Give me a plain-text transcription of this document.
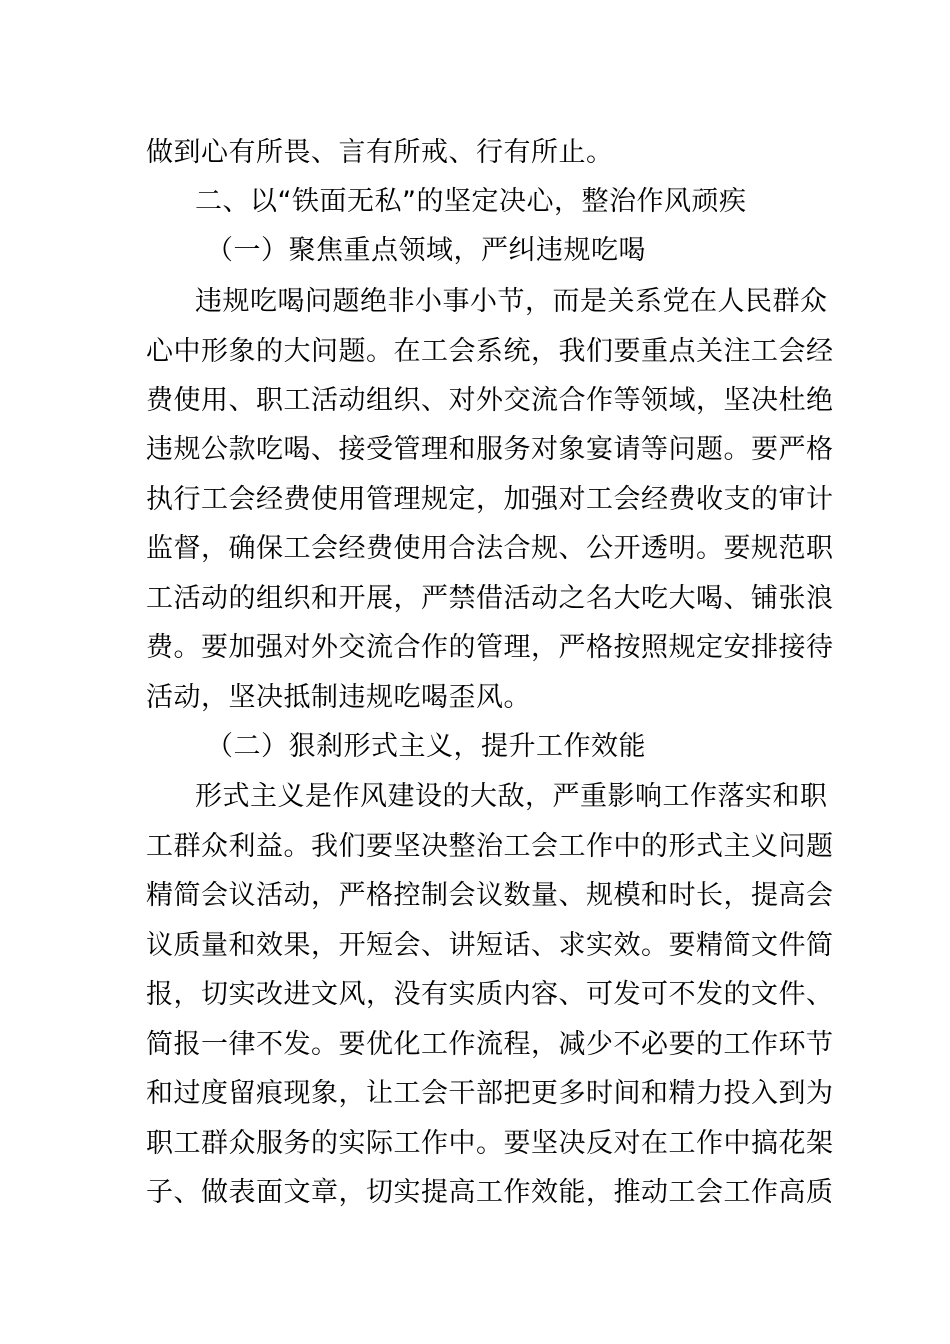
做到心有所畏、言有所戒、行有所止。
二、以“铁面无私”的坚定决心，整治作风顽疾
（一）聚焦重点领域，严纠违规吃喝
违规吃喝问题绝非小事小节，而是关系党在人民群众
心中形象的大问题。在工会系统，我们要重点关注工会经
费使用、职工活动组织、对外交流合作等领域，坚决杜绝
违规公款吃喝、接受管理和服务对象宴请等问题。要严格
执行工会经费使用管理规定，加强对工会经费收支的审计
监督，确保工会经费使用合法合规、公开透明。要规范职
工活动的组织和开展，严禁借活动之名大吃大喝、铺张浪
费。要加强对外交流合作的管理，严格按照规定安排接待
活动，坚决抵制违规吃喝歪风。
（二）狠刹形式主义，提升工作效能
形式主义是作风建设的大敌，严重影响工作落实和职
工群众利益。我们要坚决整治工会工作中的形式主义问题
精简会议活动，严格控制会议数量、规模和时长，提高会
议质量和效果，开短会、讲短话、求实效。要精简文件简
报，切实改进文风，没有实质内容、可发可不发的文件、
简报一律不发。要优化工作流程，减少不必要的工作环节
和过度留痕现象，让工会干部把更多时间和精力投入到为
职工群众服务的实际工作中。要坚决反对在工作中搞花架
子、做表面文章，切实提高工作效能，推动工会工作高质
